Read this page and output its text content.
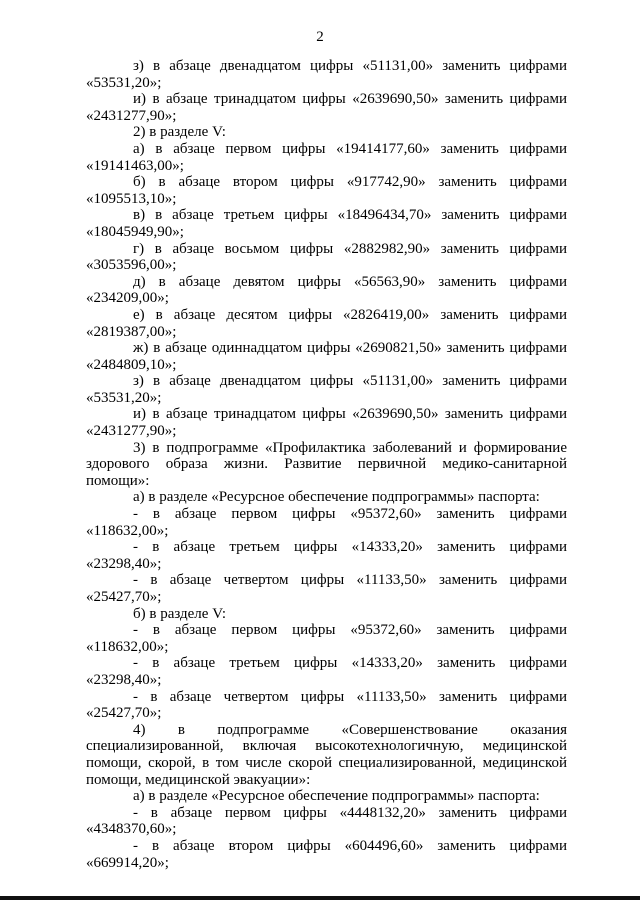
2

з) в абзаце двенадцатом цифры «51131,00» заменить цифрами

«53531,20»;

и) в абзаце тринадцатом цифры «2639690,50» заменить цифрами

«2431277,90»;

2) в разделе V:

а) в абзаце первом цифры «19414177,60» заменить цифрами

«19141463,00»;

б) в абзаце втором цифры «917742,90» заменить цифрами

«1095513,10»;

в) в абзаце третьем цифры «18496434,70» заменить цифрами

«18045949,90»;

г) в абзаце восьмом цифры «2882982,90» заменить цифрами

«3053596,00»;

д) в абзаце девятом цифры «56563,90» заменить цифрами

«234209,00»;

е) в абзаце десятом цифры «2826419,00» заменить цифрами

«2819387,00»;

ж) в абзаце одиннадцатом цифры «2690821,50» заменить цифрами

«2484809,10»;

з) в абзаце двенадцатом цифры «51131,00» заменить цифрами

«53531,20»;

и) в абзаце тринадцатом цифры «2639690,50» заменить цифрами

«2431277,90»;

3) в подпрограмме «Профилактика заболеваний и формирование здорового образа жизни. Развитие первичной медико-санитарной помощи»:

а) в разделе «Ресурсное обеспечение подпрограммы» паспорта:

- в абзаце первом цифры «95372,60» заменить цифрами «118632,00»;

- в абзаце третьем цифры «14333,20» заменить цифрами «23298,40»;

- в абзаце четвертом цифры «11133,50» заменить цифрами

«25427,70»;

б) в разделе V:

- в абзаце первом цифры «95372,60» заменить цифрами «118632,00»;

- в абзаце третьем цифры «14333,20» заменить цифрами «23298,40»;

- в абзаце четвертом цифры «11133,50» заменить цифрами

«25427,70»;

4) в подпрограмме «Совершенствование оказания специализированной, включая высокотехнологичную, медицинской помощи, скорой, в том числе скорой специализированной, медицинской помощи, медицинской эвакуации»:

а) в разделе «Ресурсное обеспечение подпрограммы» паспорта:

- в абзаце первом цифры «4448132,20» заменить цифрами

«4348370,60»;

- в абзаце втором цифры «604496,60» заменить цифрами

«669914,20»;
